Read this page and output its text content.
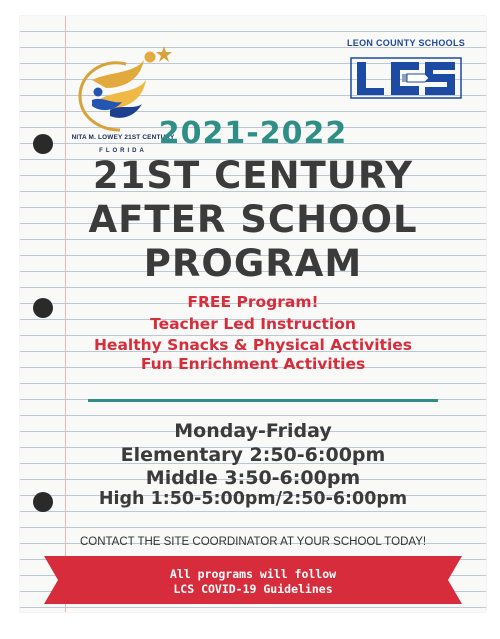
NITA M. LOWEY 21ST CENTURY
FLORIDA
LEON COUNTY SCHOOLS
2021-2022
21ST CENTURY
AFTER SCHOOL
PROGRAM
FREE Program!
Teacher Led Instruction
Healthy Snacks & Physical Activities
Fun Enrichment Activities
Monday-Friday
Elementary 2:50-6:00pm
Middle 3:50-6:00pm
High 1:50-5:00pm/2:50-6:00pm
CONTACT THE SITE COORDINATOR AT YOUR SCHOOL TODAY!
All programs will follow
LCS COVID-19 Guidelines
